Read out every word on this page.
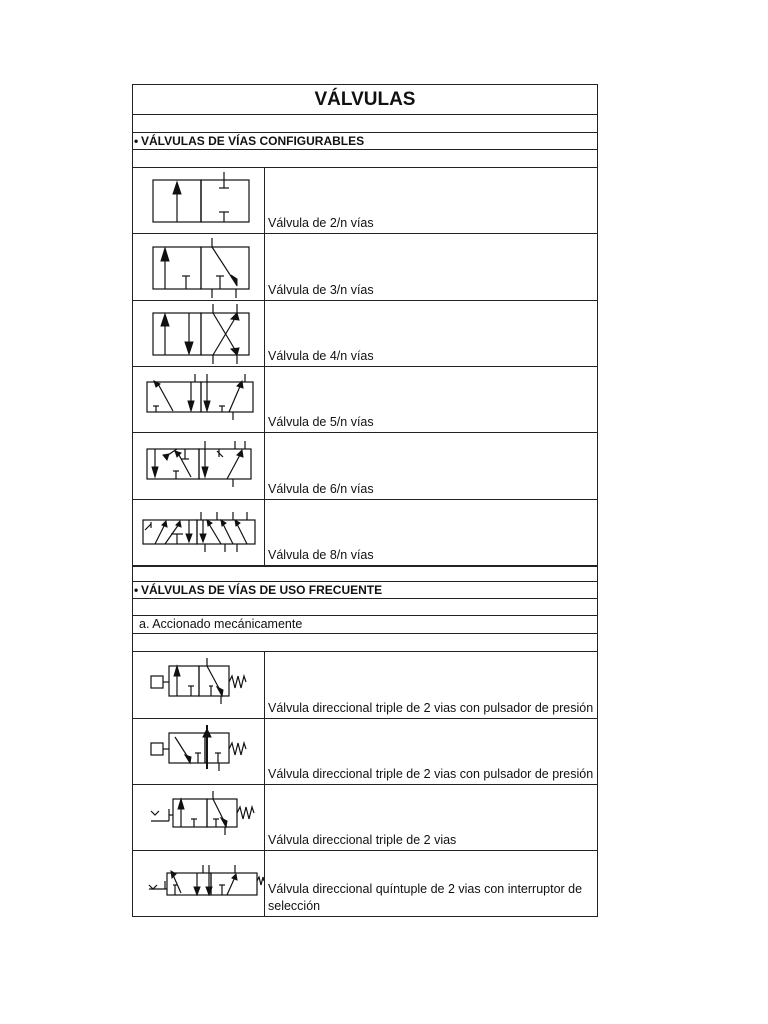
VÁLVULAS
• VÁLVULAS DE VÍAS CONFIGURABLES
Válvula de 2/n vías
Válvula de 3/n vías
Válvula de 4/n vías
Válvula de 5/n vías
Válvula de 6/n vías
Válvula de 8/n vías
• VÁLVULAS DE VÍAS DE USO FRECUENTE
a. Accionado mecánicamente
Válvula direccional triple de 2 vias con pulsador de presión
Válvula direccional triple de 2 vias con pulsador de presión
Válvula direccional triple de 2 vias
Válvula direccional quíntuple de 2 vias con interruptor de selección
